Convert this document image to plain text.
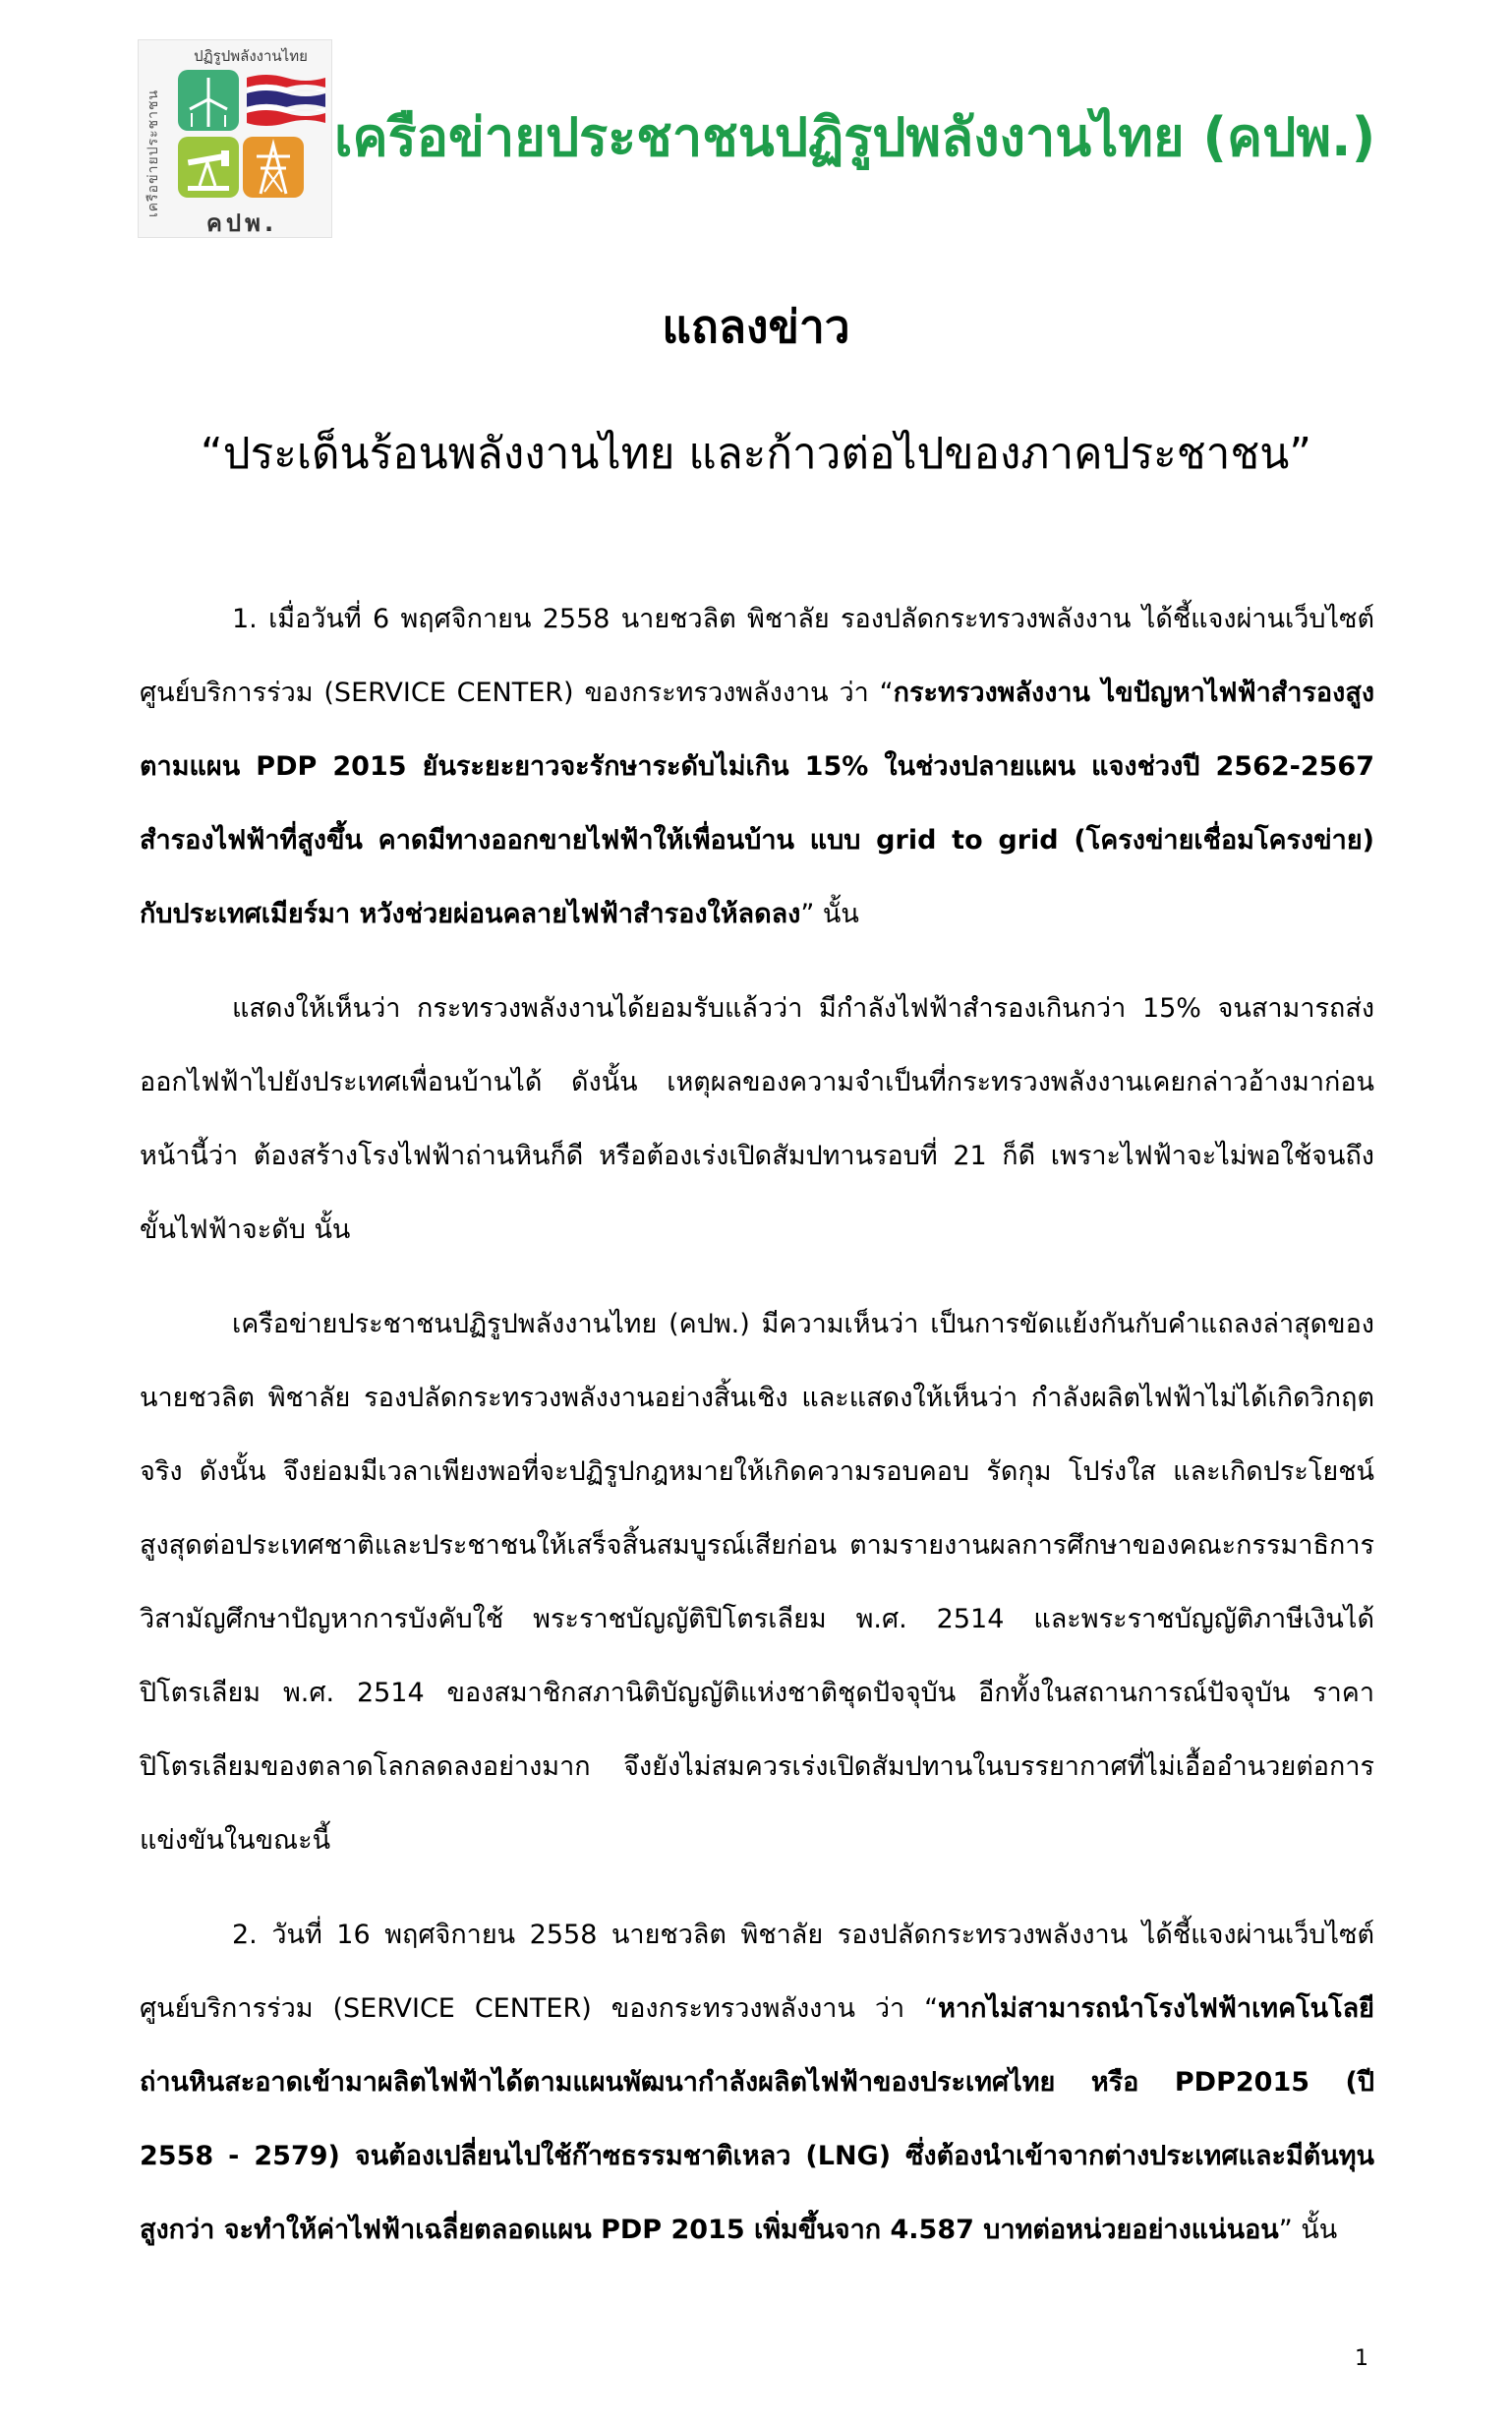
ปฏิรูปพลังงานไทย
เครือข่ายประชาชน
คปพ.
เครือข่ายประชาชนปฏิรูปพลังงานไทย (คปพ.)
แถลงข่าว
“ประเด็นร้อนพลังงานไทย และก้าวต่อไปของภาคประชาชน”

1. เมื่อวันที่ 6 พฤศจิกายน 2558 นายชวลิต พิชาลัย รองปลัดกระทรวงพลังงาน ได้ชี้แจงผ่านเว็บไซต์ศูนย์บริการร่วม (SERVICE CENTER) ของกระทรวงพลังงาน ว่า “กระทรวงพลังงาน ไขปัญหาไฟฟ้าสำรองสูง ตามแผน PDP 2015 ยันระยะยาวจะรักษาระดับไม่เกิน 15% ในช่วงปลายแผน แจงช่วงปี 2562-2567 สำรองไฟฟ้าที่สูงขึ้น คาดมีทางออกขายไฟฟ้าให้เพื่อนบ้าน แบบ grid to grid (โครงข่ายเชื่อมโครงข่าย) กับประเทศเมียร์มา หวังช่วยผ่อนคลายไฟฟ้าสำรองให้ลดลง” นั้น

แสดงให้เห็นว่า กระทรวงพลังงานได้ยอมรับแล้วว่า มีกำลังไฟฟ้าสำรองเกินกว่า 15% จนสามารถส่งออกไฟฟ้าไปยังประเทศเพื่อนบ้านได้ ดังนั้น เหตุผลของความจำเป็นที่กระทรวงพลังงานเคยกล่าวอ้างมาก่อนหน้านี้ว่า ต้องสร้างโรงไฟฟ้าถ่านหินก็ดี หรือต้องเร่งเปิดสัมปทานรอบที่ 21 ก็ดี เพราะไฟฟ้าจะไม่พอใช้จนถึงขั้นไฟฟ้าจะดับ นั้น

เครือข่ายประชาชนปฏิรูปพลังงานไทย (คปพ.) มีความเห็นว่า เป็นการขัดแย้งกันกับคำแถลงล่าสุดของนายชวลิต พิชาลัย รองปลัดกระทรวงพลังงานอย่างสิ้นเชิง และแสดงให้เห็นว่า กำลังผลิตไฟฟ้าไม่ได้เกิดวิกฤตจริง ดังนั้น จึงย่อมมีเวลาเพียงพอที่จะปฏิรูปกฎหมายให้เกิดความรอบคอบ รัดกุม โปร่งใส และเกิดประโยชน์สูงสุดต่อประเทศชาติและประชาชนให้เสร็จสิ้นสมบูรณ์เสียก่อน ตามรายงานผลการศึกษาของคณะกรรมาธิการวิสามัญศึกษาปัญหาการบังคับใช้ พระราชบัญญัติปิโตรเลียม พ.ศ. 2514 และพระราชบัญญัติภาษีเงินได้ปิโตรเลียม พ.ศ. 2514 ของสมาชิกสภานิติบัญญัติแห่งชาติชุดปัจจุบัน อีกทั้งในสถานการณ์ปัจจุบัน ราคาปิโตรเลียมของตลาดโลกลดลงอย่างมาก จึงยังไม่สมควรเร่งเปิดสัมปทานในบรรยากาศที่ไม่เอื้ออำนวยต่อการแข่งขันในขณะนี้

2. วันที่ 16 พฤศจิกายน 2558 นายชวลิต พิชาลัย รองปลัดกระทรวงพลังงาน ได้ชี้แจงผ่านเว็บไซต์ศูนย์บริการร่วม (SERVICE CENTER) ของกระทรวงพลังงาน ว่า “หากไม่สามารถนำโรงไฟฟ้าเทคโนโลยีถ่านหินสะอาดเข้ามาผลิตไฟฟ้าได้ตามแผนพัฒนากำลังผลิตไฟฟ้าของประเทศไทย หรือ PDP2015 (ปี 2558 - 2579) จนต้องเปลี่ยนไปใช้ก๊าซธรรมชาติเหลว (LNG) ซึ่งต้องนำเข้าจากต่างประเทศและมีต้นทุนสูงกว่า จะทำให้ค่าไฟฟ้าเฉลี่ยตลอดแผน PDP 2015 เพิ่มขึ้นจาก 4.587 บาทต่อหน่วยอย่างแน่นอน” นั้น

1
